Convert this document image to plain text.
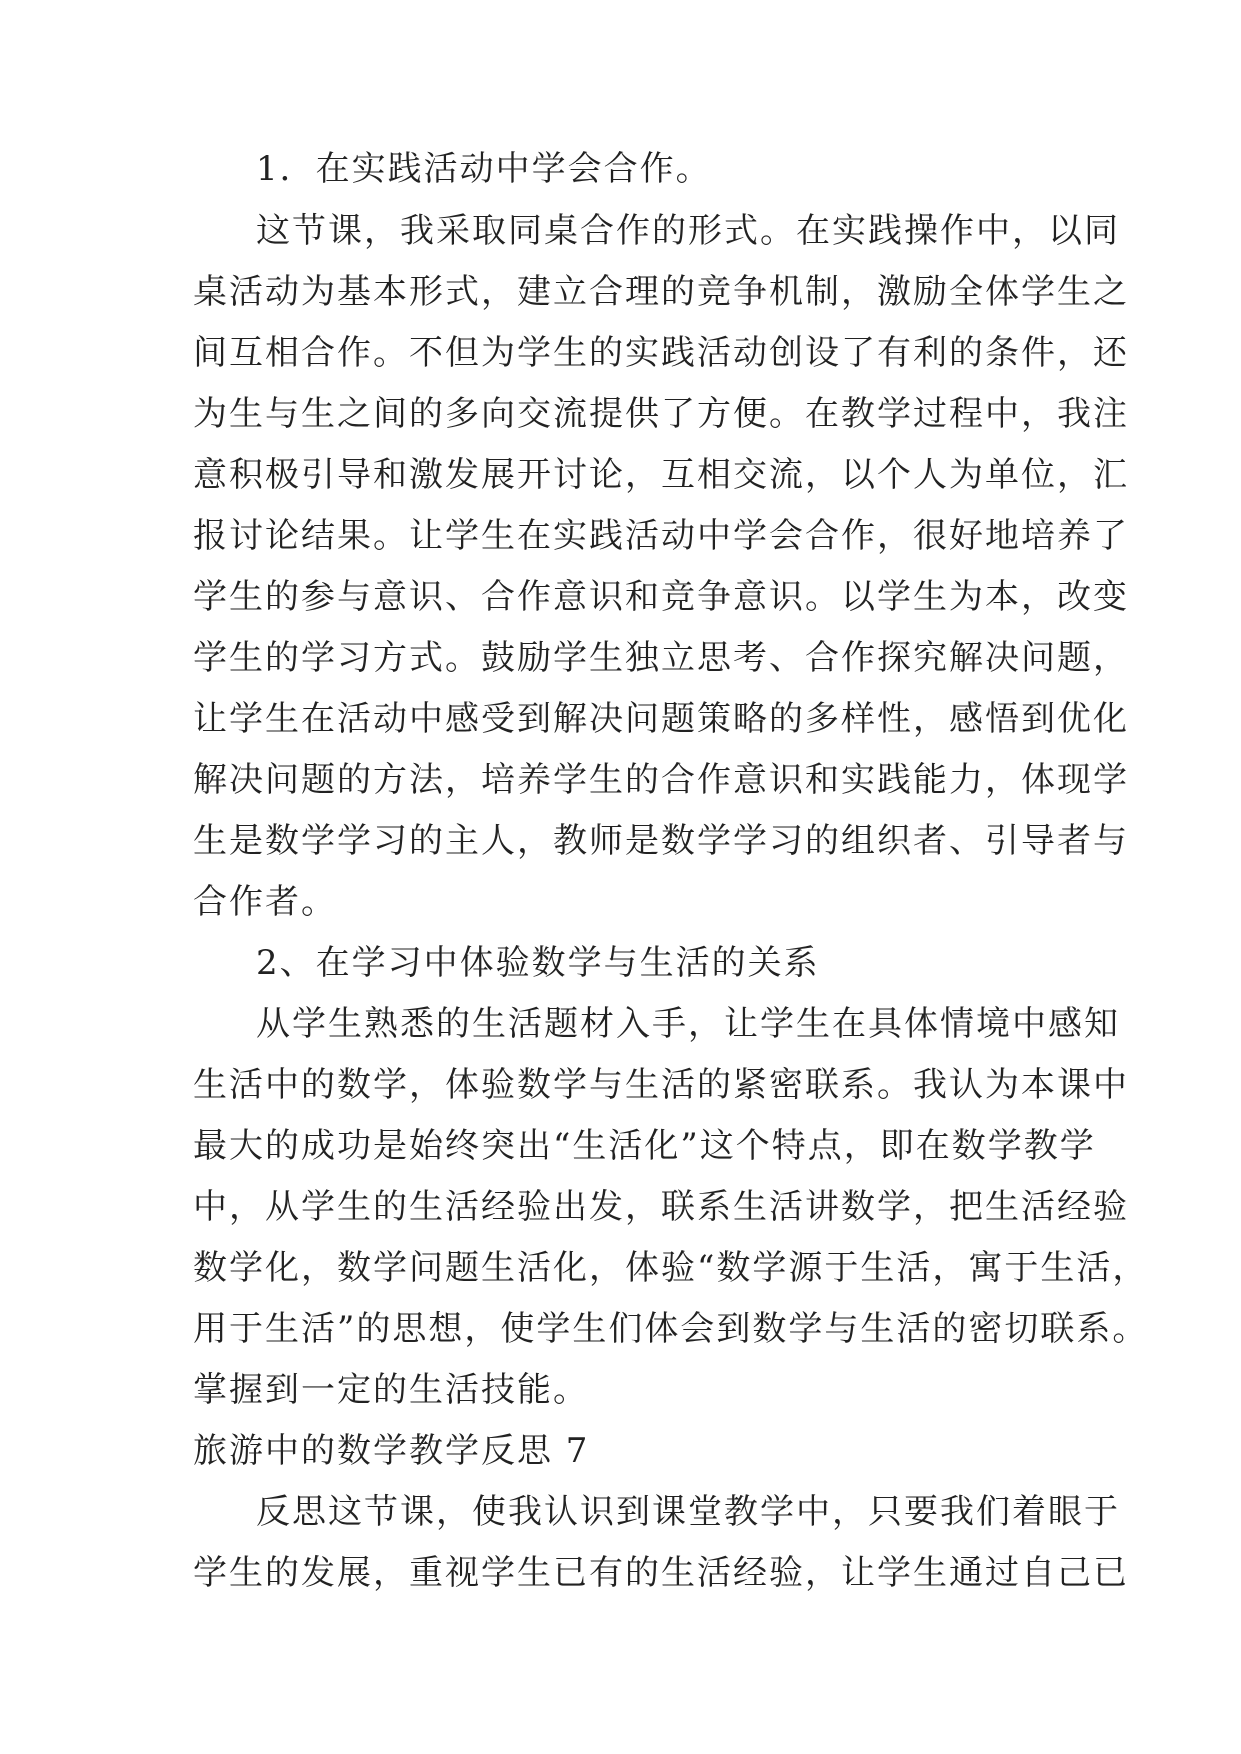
1．在实践活动中学会合作。
这节课，我采取同桌合作的形式。在实践操作中，以同
桌活动为基本形式，建立合理的竞争机制，激励全体学生之
间互相合作。不但为学生的实践活动创设了有利的条件，还
为生与生之间的多向交流提供了方便。在教学过程中，我注
意积极引导和激发展开讨论，互相交流，以个人为单位，汇
报讨论结果。让学生在实践活动中学会合作，很好地培养了
学生的参与意识、合作意识和竞争意识。以学生为本，改变
学生的学习方式。鼓励学生独立思考、合作探究解决问题，
让学生在活动中感受到解决问题策略的多样性，感悟到优化
解决问题的方法，培养学生的合作意识和实践能力，体现学
生是数学学习的主人，教师是数学学习的组织者、引导者与
合作者。
2、在学习中体验数学与生活的关系
从学生熟悉的生活题材入手，让学生在具体情境中感知
生活中的数学，体验数学与生活的紧密联系。我认为本课中
最大的成功是始终突出“生活化”这个特点，即在数学教学
中，从学生的生活经验出发，联系生活讲数学，把生活经验
数学化，数学问题生活化，体验“数学源于生活，寓于生活，
用于生活”的思想，使学生们体会到数学与生活的密切联系。
掌握到一定的生活技能。
旅游中的数学教学反思 7
反思这节课，使我认识到课堂教学中，只要我们着眼于
学生的发展，重视学生已有的生活经验，让学生通过自己已
